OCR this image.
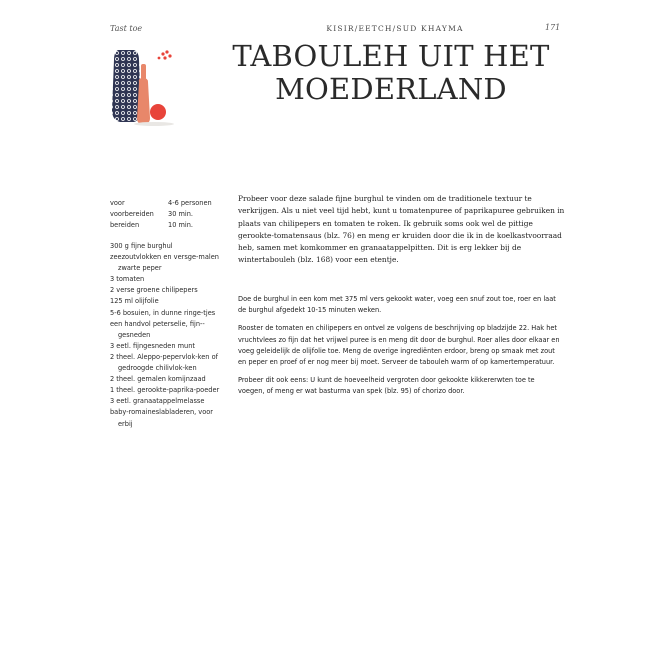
Tast toe	KISIR/EETCH/SUD KHAYMA	171
TABOULEH UIT HET
MOEDERLAND
voor	4-6 personen
voorbereiden	30 min.
bereiden	10 min.
300 g fijne burghul
zeezoutvlokken en versge-malen zwarte peper
3 tomaten
2 verse groene chilipepers
125 ml olijfolie
5-6 bosuien, in dunne ringe-tjes
een handvol peterselie, fijn-gesneden
3 eetl. fijngesneden munt
2 theel. Aleppo-pepervlok-ken of gedroogde chilivlok-ken
2 theel. gemalen komijnzaad
1 theel. gerookte-paprika-poeder
3 eetl. granaatappelmelasse
baby-romaineslabladeren, voor erbij

Probeer voor deze salade fijne burghul te vinden om de traditionele textuur te verkrijgen. Als u niet veel tijd hebt, kunt u tomatenpuree of paprikapuree gebruiken in plaats van chilipepers en tomaten te roken. Ik gebruik soms ook wel de pittige gerookte-tomatensaus (blz. 76) en meng er kruiden door die ik in de koelkastvoorraad heb, samen met komkommer en granaatappelpitten. Dit is erg lekker bij de wintertabouleh (blz. 168) voor een etentje.

Doe de burghul in een kom met 375 ml vers gekookt water, voeg een snuf zout toe, roer en laat de burghul afgedekt 10-15 minuten weken.

Rooster de tomaten en chilipepers en ontvel ze volgens de beschrijving op bladzijde 22. Hak het vruchtvlees zo fijn dat het vrijwel puree is en meng dit door de burghul. Roer alles door elkaar en voeg geleidelijk de olijfolie toe. Meng de overige ingrediënten erdoor, breng op smaak met zout en peper en proef of er nog meer bij moet. Serveer de tabouleh warm of op kamertemperatuur.

Probeer dit ook eens: U kunt de hoeveelheid vergroten door gekookte kikkererwten toe te voegen, of meng er wat basturma van spek (blz. 95) of chorizo door.
